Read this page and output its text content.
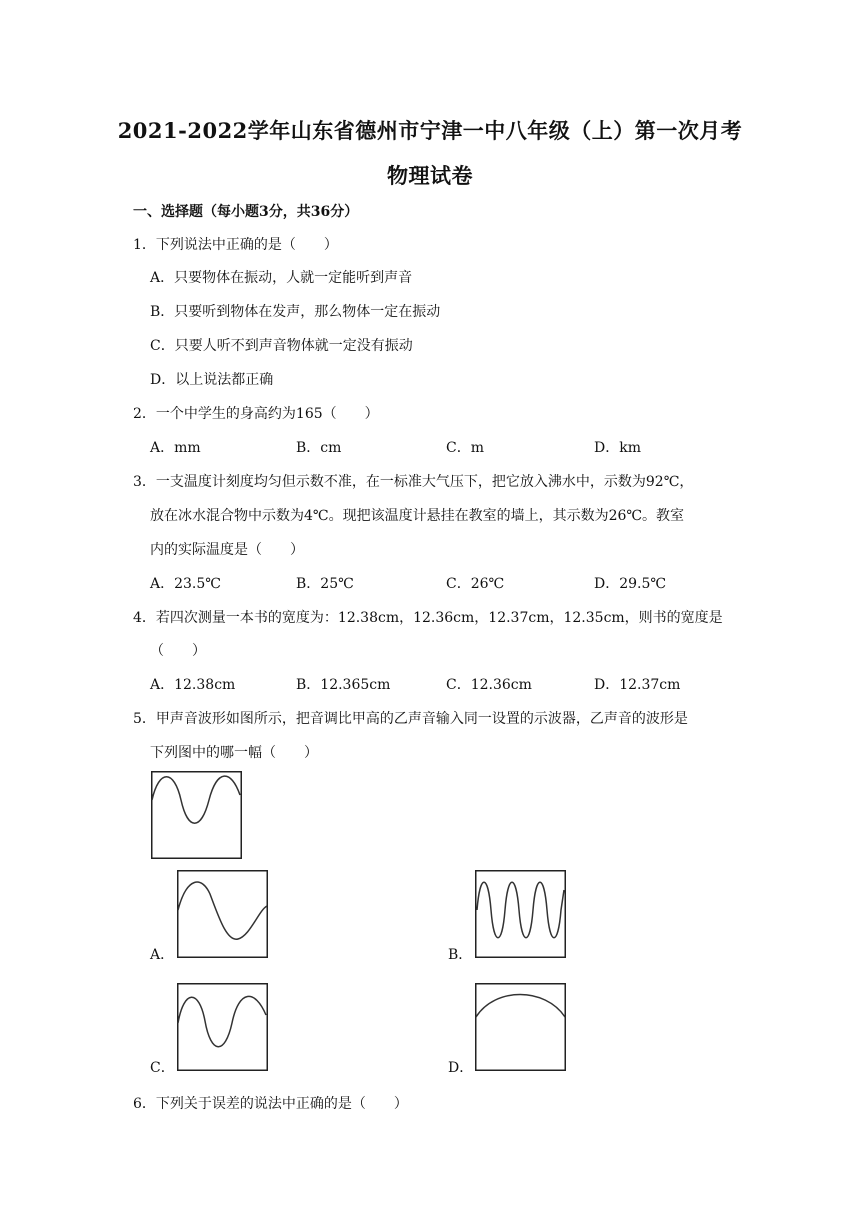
2021-2022学年山东省德州市宁津一中八年级（上）第一次月考
物理试卷
一、选择题（每小题3分，共36分）
1．下列说法中正确的是（　　）
A．只要物体在振动，人就一定能听到声音
B．只要听到物体在发声，那么物体一定在振动
C．只要人听不到声音物体就一定没有振动
D．以上说法都正确
2．一个中学生的身高约为165（　　）
A．mm	B．cm	C．m	D．km
3．一支温度计刻度均匀但示数不准，在一标准大气压下，把它放入沸水中，示数为92℃，
放在冰水混合物中示数为4℃。现把该温度计悬挂在教室的墙上，其示数为26℃。教室
内的实际温度是（　　）
A．23.5℃	B．25℃	C．26℃	D．29.5℃
4．若四次测量一本书的宽度为：12.38cm，12.36cm，12.37cm，12.35cm，则书的宽度是
（　　）
A．12.38cm	B．12.365cm	C．12.36cm	D．12.37cm
5．甲声音波形如图所示，把音调比甲高的乙声音输入同一设置的示波器，乙声音的波形是
下列图中的哪一幅（　　）
A．	B．
C．	D．
6．下列关于误差的说法中正确的是（　　）
